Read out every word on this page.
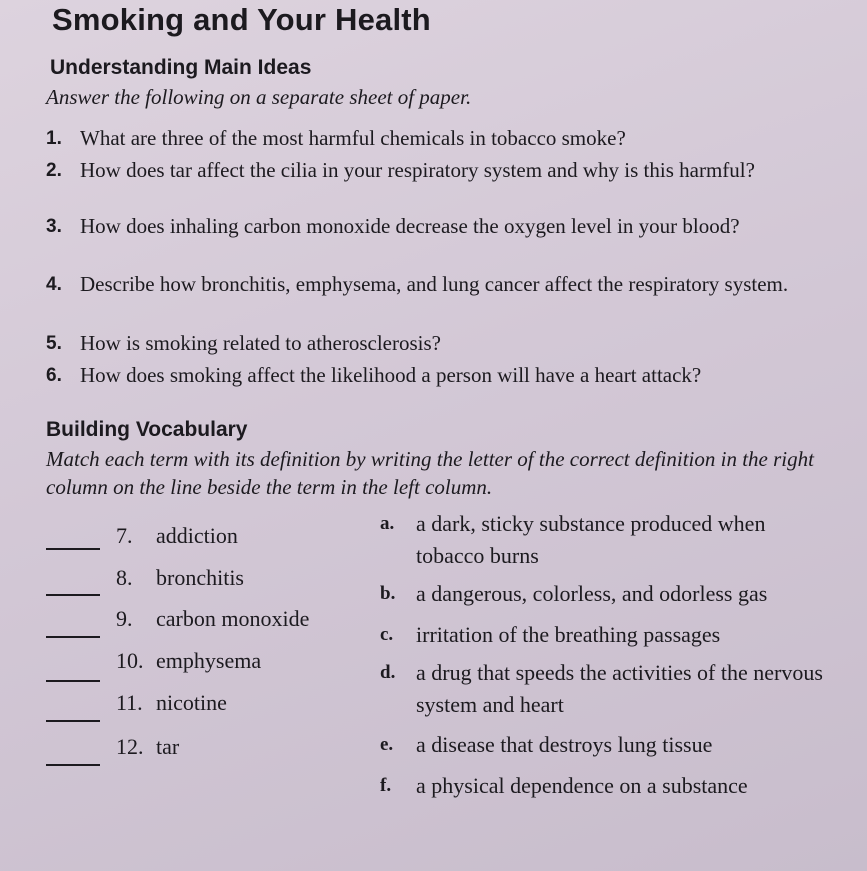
Smoking and Your Health
Understanding Main Ideas
Answer the following on a separate sheet of paper.
1. What are three of the most harmful chemicals in tobacco smoke?
2. How does tar affect the cilia in your respiratory system and why is this harmful?
3. How does inhaling carbon monoxide decrease the oxygen level in your blood?
4. Describe how bronchitis, emphysema, and lung cancer affect the respiratory system.
5. How is smoking related to atherosclerosis?
6. How does smoking affect the likelihood a person will have a heart attack?
Building Vocabulary
Match each term with its definition by writing the letter of the correct definition in the right column on the line beside the term in the left column.
7. addiction
8. bronchitis
9. carbon monoxide
10. emphysema
11. nicotine
12. tar
a. a dark, sticky substance produced when tobacco burns
b. a dangerous, colorless, and odorless gas
c.	irritation of the breathing passages
d. a drug that speeds the activities of the nervous system and heart
e.	a disease that destroys lung tissue
f.	a physical dependence on a substance
